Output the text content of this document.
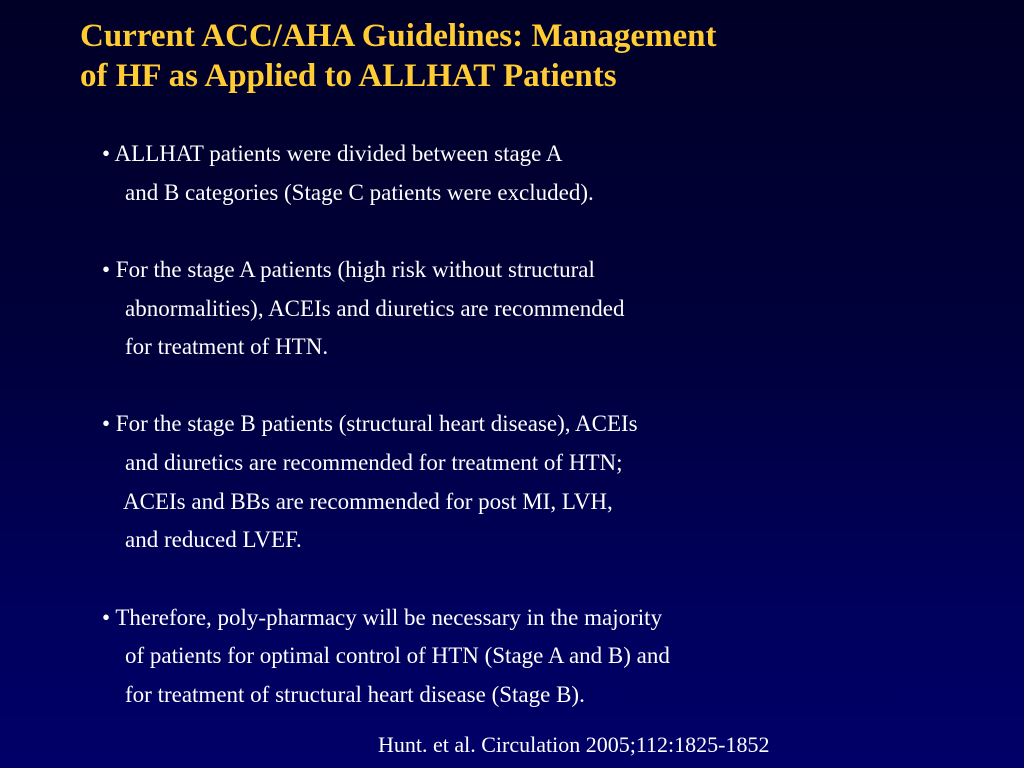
Current ACC/AHA Guidelines: Management
of HF as Applied to ALLHAT Patients
• ALLHAT patients were divided between stage A
and B categories (Stage C patients were excluded).
• For the stage A patients (high risk without structural
abnormalities), ACEIs and diuretics are recommended
for treatment of HTN.
• For the stage B patients (structural heart disease), ACEIs
and diuretics are recommended for treatment of HTN;
ACEIs and BBs are recommended for post MI, LVH,
and reduced LVEF.
• Therefore, poly-pharmacy will be necessary in the majority
of patients for optimal control of HTN (Stage A and B) and
for treatment of structural heart disease (Stage B).
Hunt. et al. Circulation 2005;112:1825-1852
